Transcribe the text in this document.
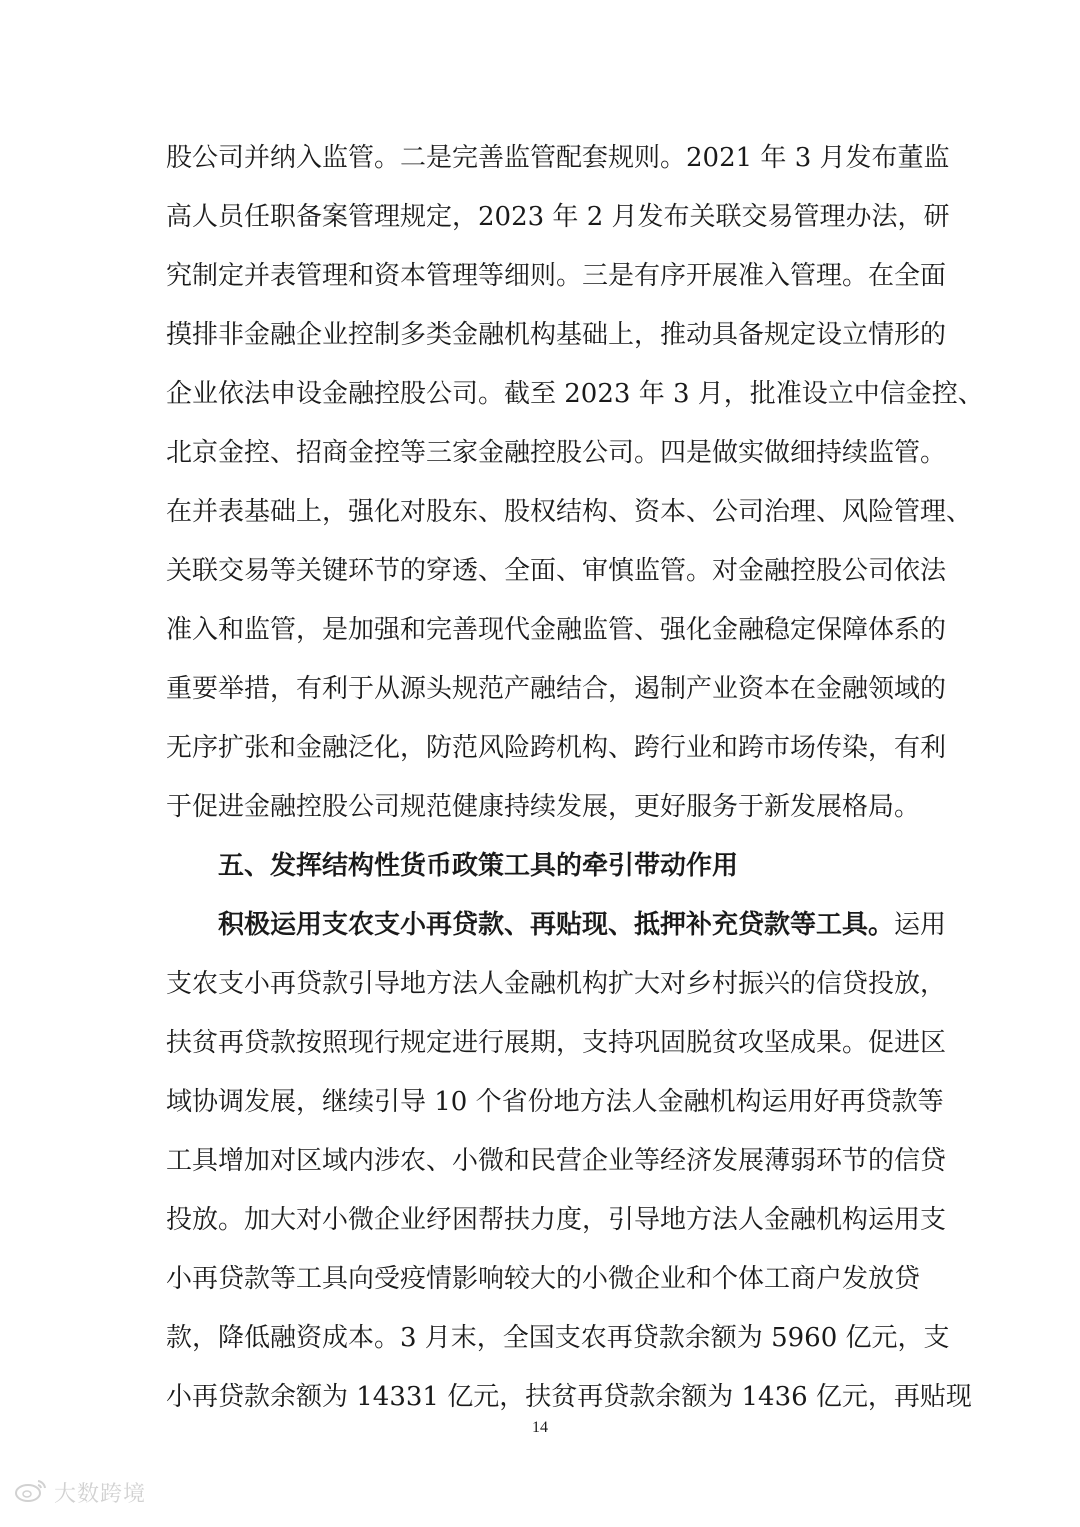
股公司并纳入监管。二是完善监管配套规则。2021 年 3 月发布董监
高人员任职备案管理规定，2023 年 2 月发布关联交易管理办法，研
究制定并表管理和资本管理等细则。三是有序开展准入管理。在全面
摸排非金融企业控制多类金融机构基础上，推动具备规定设立情形的
企业依法申设金融控股公司。截至 2023 年 3 月，批准设立中信金控、
北京金控、招商金控等三家金融控股公司。四是做实做细持续监管。
在并表基础上，强化对股东、股权结构、资本、公司治理、风险管理、
关联交易等关键环节的穿透、全面、审慎监管。对金融控股公司依法
准入和监管，是加强和完善现代金融监管、强化金融稳定保障体系的
重要举措，有利于从源头规范产融结合，遏制产业资本在金融领域的
无序扩张和金融泛化，防范风险跨机构、跨行业和跨市场传染，有利
于促进金融控股公司规范健康持续发展，更好服务于新发展格局。
五、发挥结构性货币政策工具的牵引带动作用
积极运用支农支小再贷款、再贴现、抵押补充贷款等工具。运用
支农支小再贷款引导地方法人金融机构扩大对乡村振兴的信贷投放，
扶贫再贷款按照现行规定进行展期，支持巩固脱贫攻坚成果。促进区
域协调发展，继续引导 10 个省份地方法人金融机构运用好再贷款等
工具增加对区域内涉农、小微和民营企业等经济发展薄弱环节的信贷
投放。加大对小微企业纾困帮扶力度，引导地方法人金融机构运用支
小再贷款等工具向受疫情影响较大的小微企业和个体工商户发放贷
款，降低融资成本。3 月末，全国支农再贷款余额为 5960 亿元，支
小再贷款余额为 14331 亿元，扶贫再贷款余额为 1436 亿元，再贴现
14
大数跨境
